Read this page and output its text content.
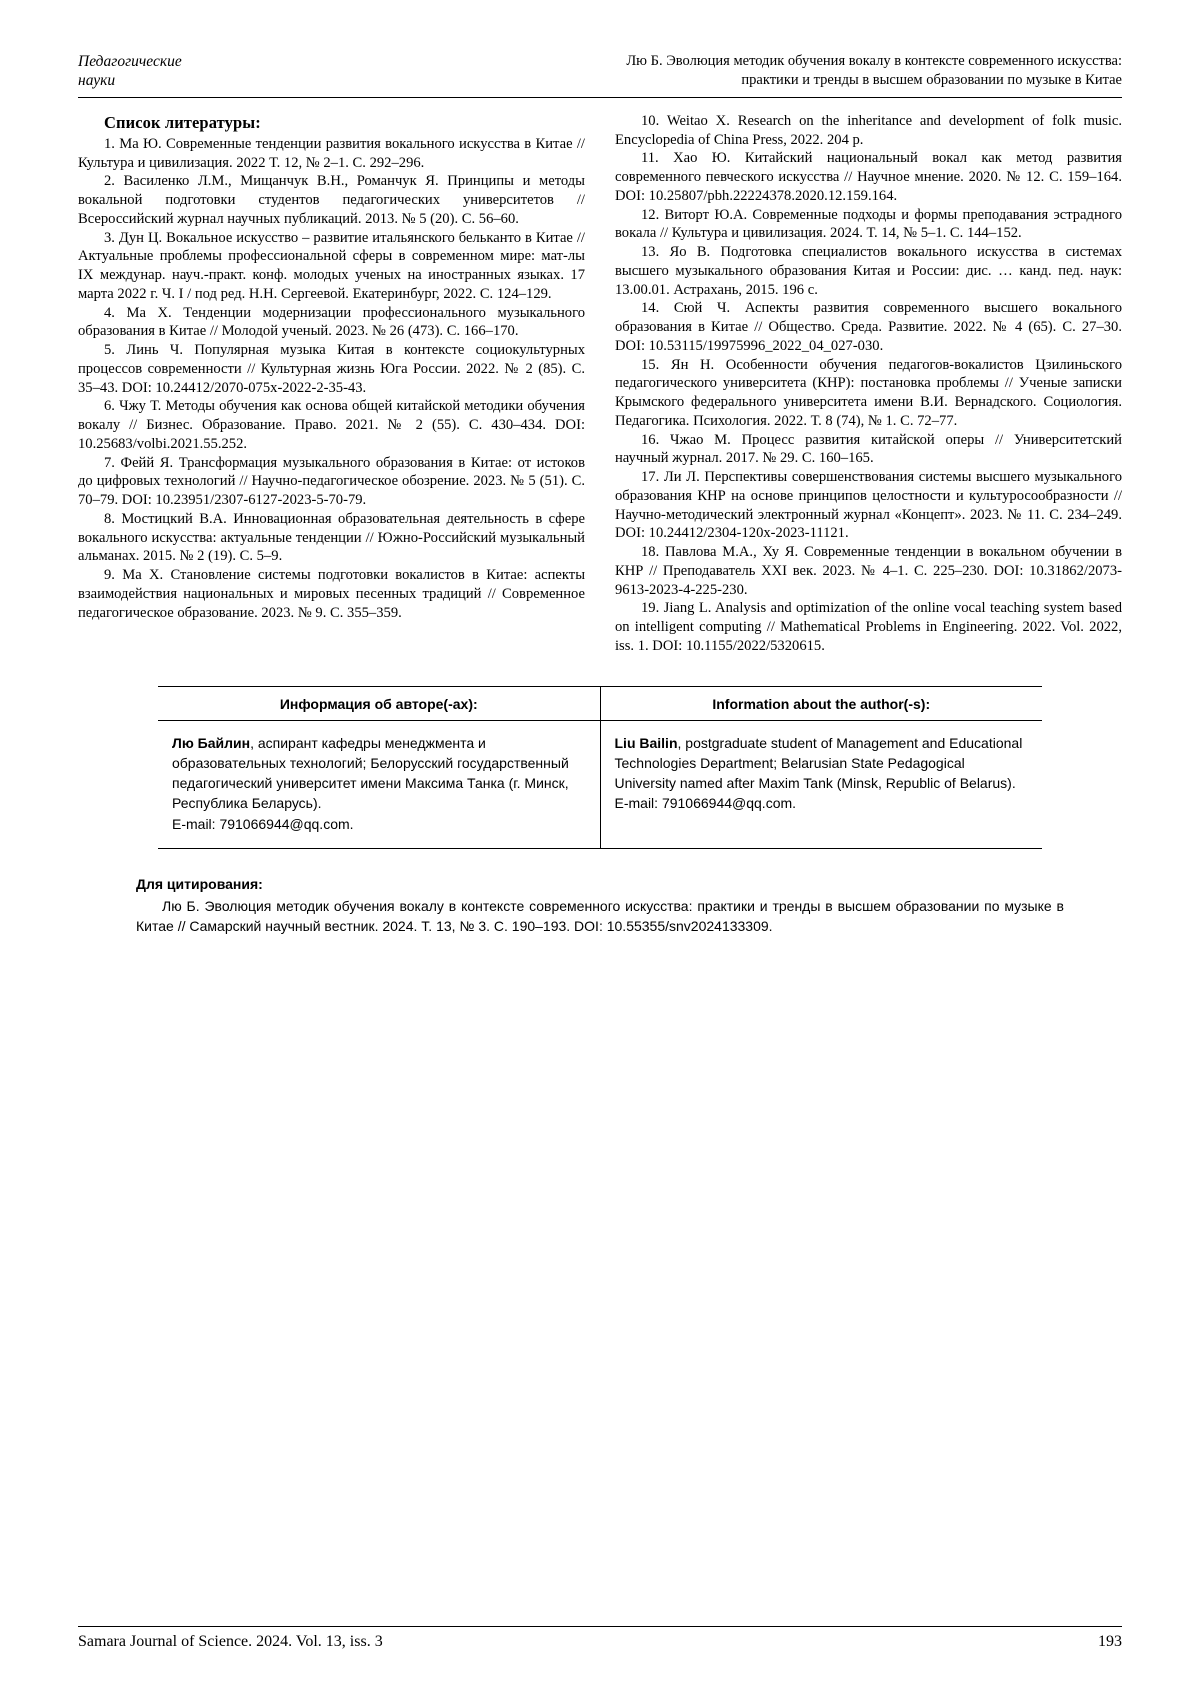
Педагогические
науки
Лю Б. Эволюция методик обучения вокалу в контексте современного искусства:
практики и тренды в высшем образовании по музыке в Китае
Список литературы:

1. Ма Ю. Современные тенденции развития вокального искусства в Китае // Культура и цивилизация. 2022 Т. 12, № 2–1. С. 292–296.

2. Василенко Л.М., Мищанчук В.Н., Романчук Я. Принципы и методы вокальной подготовки студентов педагогических университетов // Всероссийский журнал научных публикаций. 2013. № 5 (20). С. 56–60.

3. Дун Ц. Вокальное искусство – развитие итальянского бельканто в Китае // Актуальные проблемы профессиональной сферы в современном мире: мат-лы IX междунар. науч.-практ. конф. молодых ученых на иностранных языках. 17 марта 2022 г. Ч. I / под ред. Н.Н. Сергеевой. Екатеринбург, 2022. С. 124–129.

4. Ма Х. Тенденции модернизации профессионального музыкального образования в Китае // Молодой ученый. 2023. № 26 (473). С. 166–170.

5. Линь Ч. Популярная музыка Китая в контексте социокультурных процессов современности // Культурная жизнь Юга России. 2022. № 2 (85). С. 35–43. DOI: 10.24412/2070-075x-2022-2-35-43.

6. Чжу Т. Методы обучения как основа общей китайской методики обучения вокалу // Бизнес. Образование. Право. 2021. № 2 (55). С. 430–434. DOI: 10.25683/volbi.2021.55.252.

7. Фейй Я. Трансформация музыкального образования в Китае: от истоков до цифровых технологий // Научно-педагогическое обозрение. 2023. № 5 (51). С. 70–79. DOI: 10.23951/2307-6127-2023-5-70-79.

8. Мостицкий В.А. Инновационная образовательная деятельность в сфере вокального искусства: актуальные тенденции // Южно-Российский музыкальный альманах. 2015. № 2 (19). С. 5–9.

9. Ма Х. Становление системы подготовки вокалистов в Китае: аспекты взаимодействия национальных и мировых песенных традиций // Современное педагогическое образование. 2023. № 9. С. 355–359.

10. Weitao X. Research on the inheritance and development of folk music. Encyclopedia of China Press, 2022. 204 p.

11. Хао Ю. Китайский национальный вокал как метод развития современного певческого искусства // Научное мнение. 2020. № 12. С. 159–164. DOI: 10.25807/pbh.22224378.2020.12.159.164.

12. Виторт Ю.А. Современные подходы и формы преподавания эстрадного вокала // Культура и цивилизация. 2024. Т. 14, № 5–1. С. 144–152.

13. Яо В. Подготовка специалистов вокального искусства в системах высшего музыкального образования Китая и России: дис. … канд. пед. наук: 13.00.01. Астрахань, 2015. 196 с.

14. Сюй Ч. Аспекты развития современного высшего вокального образования в Китае // Общество. Среда. Развитие. 2022. № 4 (65). С. 27–30. DOI: 10.53115/19975996_2022_04_027-030.

15. Ян Н. Особенности обучения педагогов-вокалистов Цзилиньского педагогического университета (КНР): постановка проблемы // Ученые записки Крымского федерального университета имени В.И. Вернадского. Социология. Педагогика. Психология. 2022. Т. 8 (74), № 1. С. 72–77.

16. Чжао М. Процесс развития китайской оперы // Университетский научный журнал. 2017. № 29. С. 160–165.

17. Ли Л. Перспективы совершенствования системы высшего музыкального образования КНР на основе принципов целостности и культуросообразности // Научно-методический электронный журнал «Концепт». 2023. № 11. С. 234–249. DOI: 10.24412/2304-120x-2023-11121.

18. Павлова М.А., Ху Я. Современные тенденции в вокальном обучении в КНР // Преподаватель XXI век. 2023. № 4–1. С. 225–230. DOI: 10.31862/2073-9613-2023-4-225-230.

19. Jiang L. Analysis and optimization of the online vocal teaching system based on intelligent computing // Mathematical Problems in Engineering. 2022. Vol. 2022, iss. 1. DOI: 10.1155/2022/5320615.

Информация об авторе(-ах):	Information about the author(-s):
Лю Байлин, аспирант кафедры менеджмента и образовательных технологий; Белорусский государственный педагогический университет имени Максима Танка (г. Минск, Республика Беларусь).
E-mail: 791066944@qq.com.
Liu Bailin, postgraduate student of Management and Educational Technologies Department; Belarusian State Pedagogical University named after Maxim Tank (Minsk, Republic of Belarus).
E-mail: 791066944@qq.com.
Для цитирования:
Лю Б. Эволюция методик обучения вокалу в контексте современного искусства: практики и тренды в высшем образовании по музыке в Китае // Самарский научный вестник. 2024. Т. 13, № 3. С. 190–193. DOI: 10.55355/snv2024133309.
Samara Journal of Science. 2024. Vol. 13, iss. 3	193
